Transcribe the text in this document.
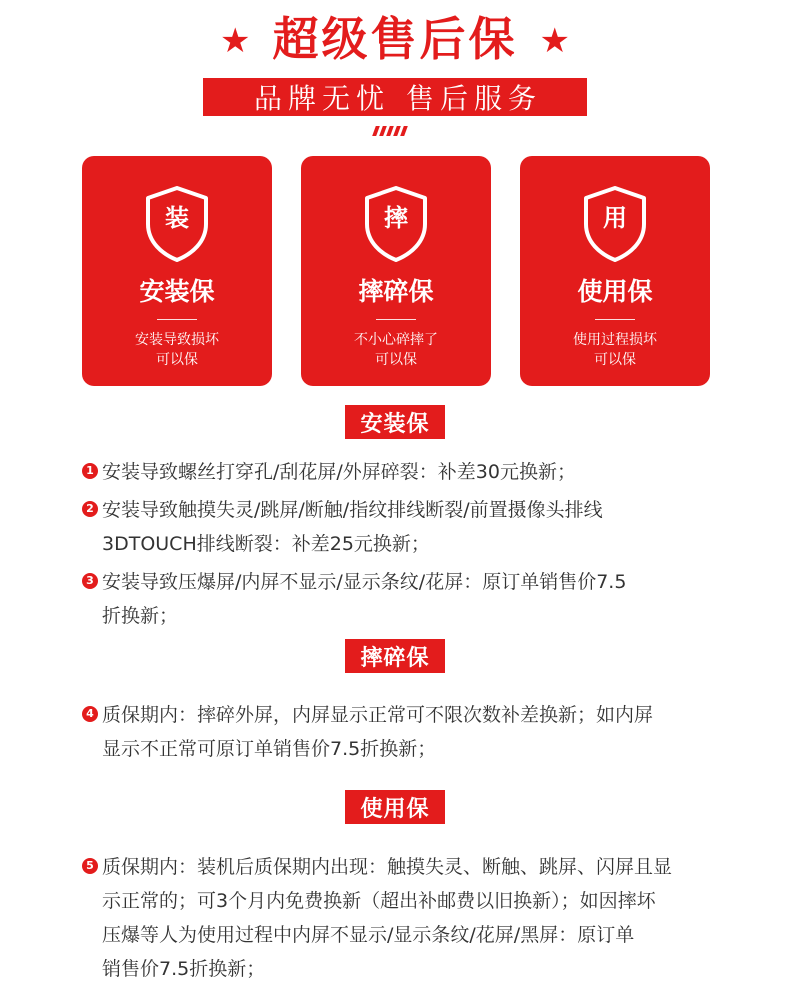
★ 超级售后保 ★
品牌无忧 售后服务
装
安装保
安装导致损坏
可以保
摔
摔碎保
不小心碎摔了
可以保
用
使用保
使用过程损坏
可以保
安装保
1 安装导致螺丝打穿孔/刮花屏/外屏碎裂：补差30元换新；
2 安装导致触摸失灵/跳屏/断触/指纹排线断裂/前置摄像头排线
3DTOUCH排线断裂：补差25元换新；
3 安装导致压爆屏/内屏不显示/显示条纹/花屏：原订单销售价7.5
折换新；
摔碎保
4 质保期内：摔碎外屏，内屏显示正常可不限次数补差换新；如内屏
显示不正常可原订单销售价7.5折换新；
使用保
5 质保期内：装机后质保期内出现：触摸失灵、断触、跳屏、闪屏且显
示正常的；可3个月内免费换新（超出补邮费以旧换新）；如因摔坏
压爆等人为使用过程中内屏不显示/显示条纹/花屏/黑屏：原订单
销售价7.5折换新；
